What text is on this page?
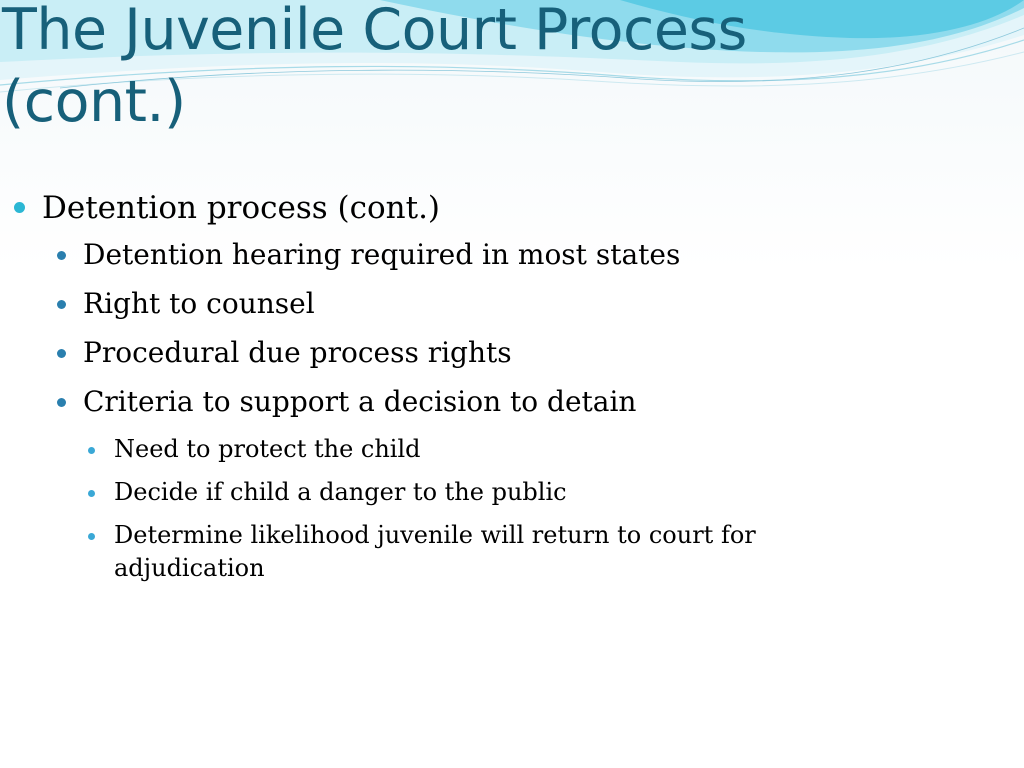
The Juvenile Court Process (cont.)
Detention process (cont.)
Detention hearing required in most states
Right to counsel
Procedural due process rights
Criteria to support a decision to detain
Need to protect the child
Decide if child a danger to the public
Determine likelihood juvenile will return to court for adjudication
